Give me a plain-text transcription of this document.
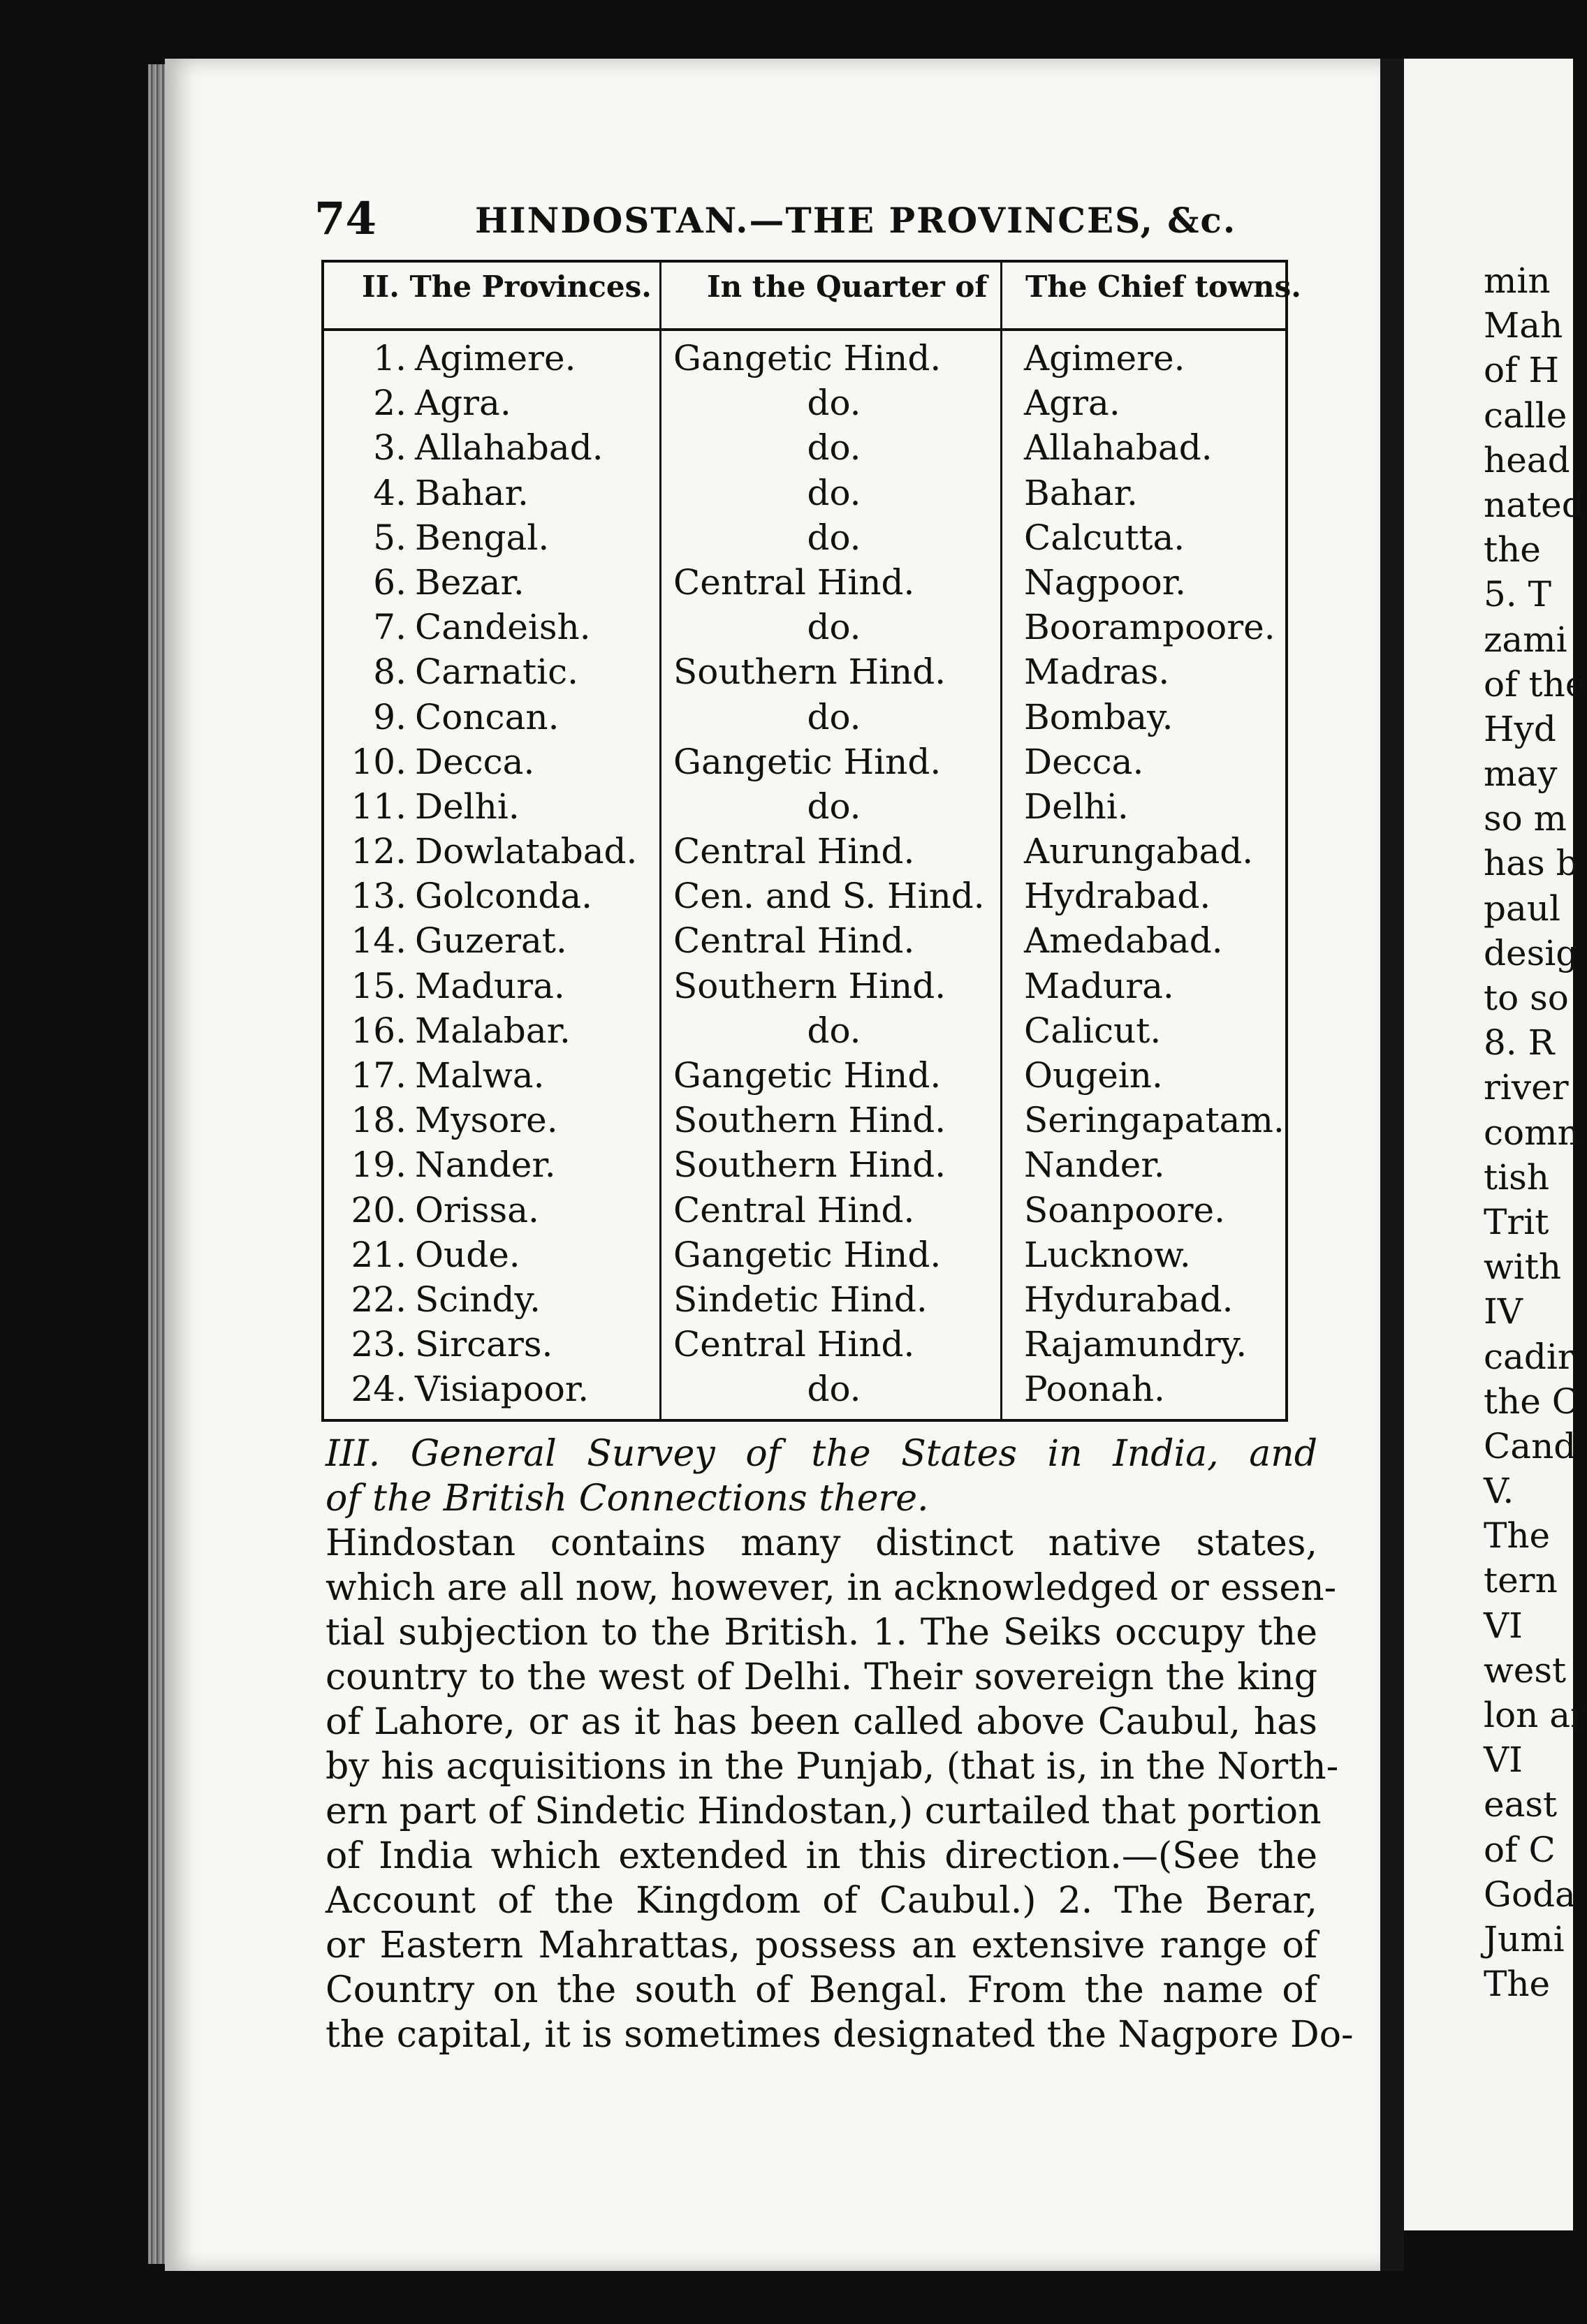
74	HINDOSTAN.—THE PROVINCES, &c.
II. The Provinces. In the Quarter of The Chief towns.
1. Agimere.	Gangetic Hind.	Agimere.
2. Agra.	do.	Agra.
3. Allahabad.	do.	Allahabad.
4. Bahar.	do.	Bahar.
5. Bengal.	do.	Calcutta.
6. Bezar.	Central Hind.	Nagpoor.
7. Candeish.	do.	Boorampoore.
8. Carnatic.	Southern Hind.	Madras.
9. Concan.	do.	Bombay.
10. Decca.	Gangetic Hind.	Decca.
11. Delhi.	do.	Delhi.
12. Dowlatabad. Central Hind.	Aurungabad.
13. Golconda. Cen. and S. Hind. Hydrabad.
14. Guzerat.	Central Hind.	Amedabad.
15. Madura.	Southern Hind.	Madura.
16. Malabar.	do.	Calicut.
17. Malwa.	Gangetic Hind.	Ougein.
18. Mysore.	Southern Hind.	Seringapatam.
19. Nander.	Southern Hind.	Nander.
20. Orissa.	Central Hind.	Soanpoore.
21. Oude.	Gangetic Hind.	Lucknow.
22. Scindy.	Sindetic Hind.	Hydurabad.
23. Sircars.	Central Hind.	Rajamundry.
24. Visiapoor.	do.	Poonah.
III. General Survey of the States in India, and
of the British Connections there.
Hindostan contains many distinct native states,
which are all now, however, in acknowledged or essen-
tial subjection to the British. 1. The Seiks occupy the
country to the west of Delhi. Their sovereign the king
of Lahore, or as it has been called above Caubul, has
by his acquisitions in the Punjab, (that is, in the North-
ern part of Sindetic Hindostan,) curtailed that portion
of India which extended in this direction.—(See the
Account of the Kingdom of Caubul.) 2. The Berar,
or Eastern Mahrattas, possess an extensive range of
Country on the south of Bengal. From the name of
the capital, it is sometimes designated the Nagpore Do-
min
Mah
of H
calle
head
nated
the
5. T
zami
of the
Hyd
may
so m
has b
paul
desig
to so
8. R
river
comn
tish
Trit
with
IV
cadir
the C
Cand
V.
The
tern
VI
west
lon ar
VI
east
of C
Goda
Jumi
The
